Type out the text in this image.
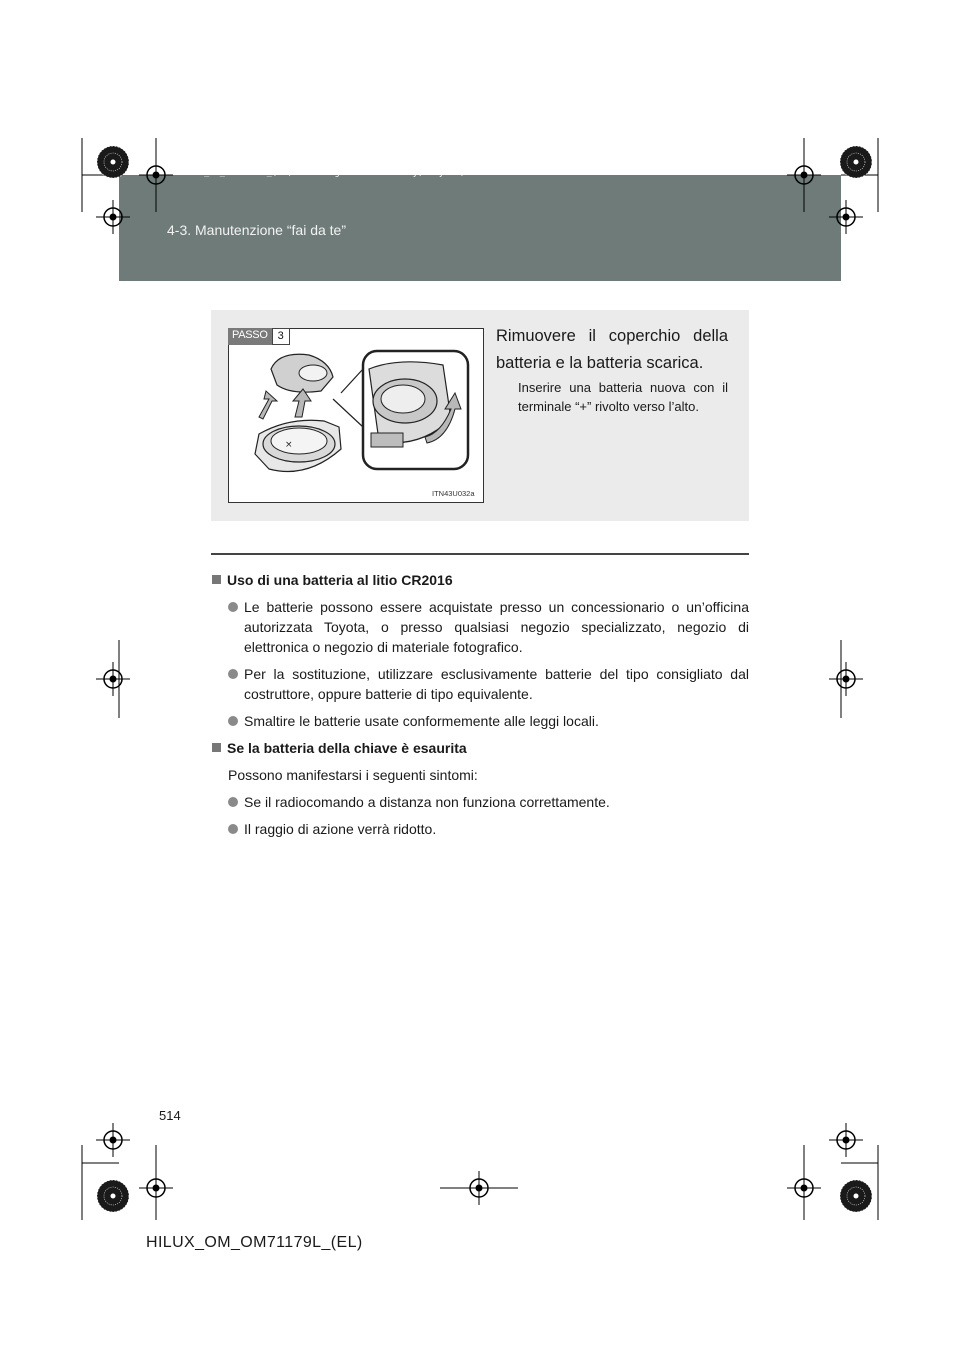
4-3. Manutenzione “fai da te”
HILUX_OM_OM71179L_(EL).book Page 514 Wednesday, May 16, 2012 11:37 AM
×
PASSO 3
ITN43U032a
Rimuovere il coperchio della batteria e la batteria scarica.
Inserire una batteria nuova con il terminale “+” rivolto verso l’alto.
Uso di una batteria al litio CR2016
Le batterie possono essere acquistate presso un concessionario o un’officina autorizzata Toyota, o presso qualsiasi negozio specializzato, negozio di elettronica o negozio di materiale fotografico.
Per la sostituzione, utilizzare esclusivamente batterie del tipo consigliato dal costruttore, oppure batterie di tipo equivalente.
Smaltire le batterie usate conformemente alle leggi locali.
Se la batteria della chiave è esaurita
Possono manifestarsi i seguenti sintomi:
Se il radiocomando a distanza non funziona correttamente.
Il raggio di azione verrà ridotto.
514
HILUX_OM_OM71179L_(EL)
